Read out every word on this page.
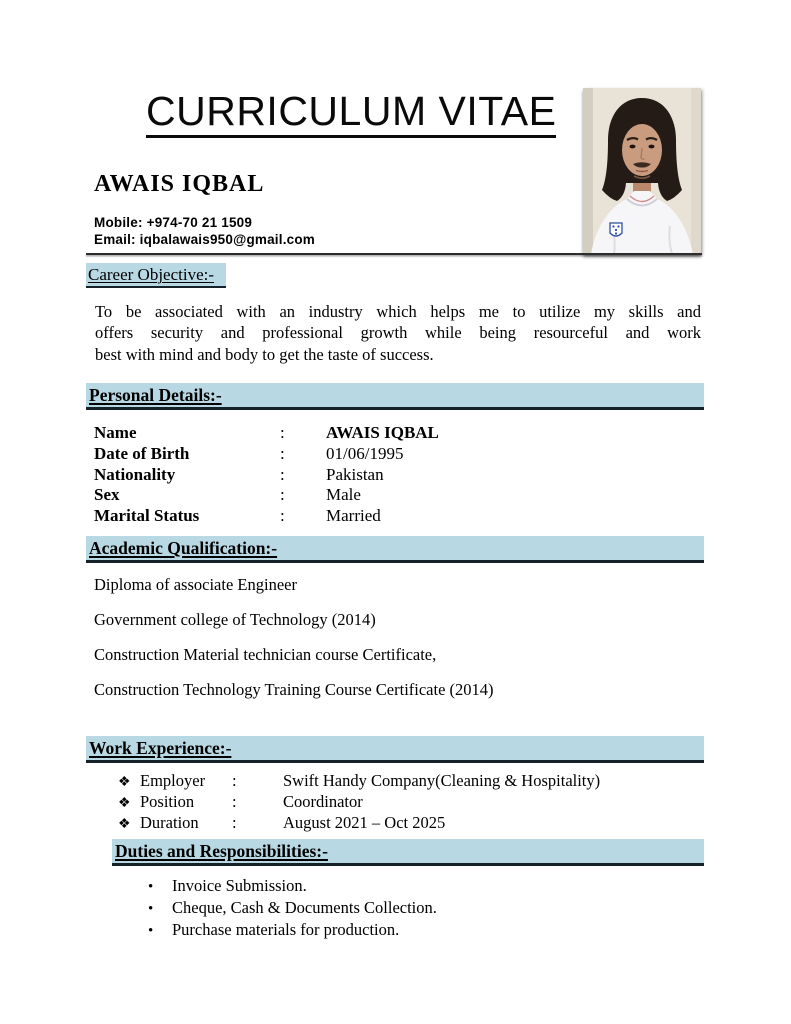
CURRICULUM VITAE
AWAIS IQBAL
Mobile: +974-70 21 1509
Email: iqbalawais950@gmail.com
Career Objective:-
To be associated with an industry which helps me to utilize my skills and
offers security and professional growth while being resourceful and work
best with mind and body to get the taste of success.
Personal Details:-
Name	:	AWAIS IQBAL
Date of Birth	:	01/06/1995
Nationality	:	Pakistan
Sex	:	Male
Marital Status	:	Married
Academic Qualification:-
Diploma of associate Engineer
Government college of Technology (2014)
Construction Material technician course Certificate,
Construction Technology Training Course Certificate (2014)
Work Experience:-
❖ Employer	:	Swift Handy Company(Cleaning & Hospitality)
❖ Position	:	Coordinator
❖ Duration	:	August 2021 – Oct 2025
Duties and Responsibilities:-
•	Invoice Submission.
•	Cheque, Cash & Documents Collection.
•	Purchase materials for production.
